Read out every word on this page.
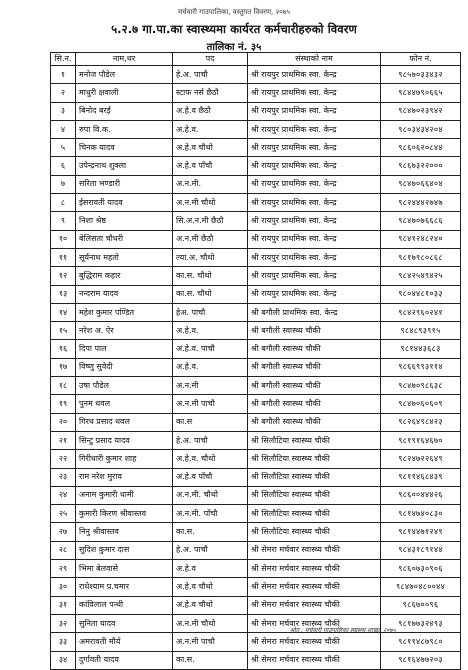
मर्चवारी गाउपालिका, वस्तुगत विवरण, २०७५
५.२.७ गा.पा.का स्वास्थ्यमा कार्यरत कर्मचारीहरुको विवरण
तालिका नं. ३५
सि.न.	नाम,थर	पद	संस्थाको नाम	फोन नं.
१	मनोज पौडेल	हे.अ. पाचौ	श्री रायपुर प्राथमिक स्वा. केन्द्र	९८५७०३३४३२
२	माधुरी क्षवाली	स्टाफ नर्स छैठौ	श्री रायपुर प्राथमिक स्वा. केन्द्र	९८४४७९०६६५
३	बिनोद बरई	अ.हे.व छैठौ	श्री रायपुर प्राथमिक स्वा. केन्द्र	९८४७०२३९४२
४	रुपा वि.क.	अ.हे.व.	श्री रायपुर प्राथमिक स्वा. केन्द्र	९८०३४३४२०४
५	चिनक यादव	अ.हे.व चौथो	श्री रायपुर प्राथमिक स्वा. केन्द्र	९८६०६२०८४४
६	उपेन्द्रनाथ शुक्ला	अ.हे.व पाँचौ	श्री रायपुर प्राथमिक स्वा. केन्द्र	९८६७३२२०००
७	सरिता भण्डारी	अ.न.मी.	श्री रायपुर प्राथमिक स्वा. केन्द्र	९८४७०६६४०४
८	ईसरावती यादव	अ.न.मी चौथो	श्री रायपुर प्राथमिक स्वा. केन्द्र	९८२४४४२७४७
९	निशा श्रेष्ठ	सि.अ.न.मी छैठौ	श्री रायपुर प्राथमिक स्वा. केन्द्र	९८४७०७६६८६
१०	बेलिसता चौधरी	अ.न.मी छैठौ	श्री रायपुर प्राथमिक स्वा. केन्द्र	९८४१२४८२४०
११	सूर्यनाथ महतो	ल्या.अ. चौथो	श्री रायपुर प्राथमिक स्वा. केन्द्र	९८१७९८०८६८
१२	बुद्धिराम कहार	का.स. चौथो	श्री रायपुर प्राथमिक स्वा. केन्द्र	९८४२५४९४२५
१३	नन्दराम यादव	का.स. चौथो	श्री रायपुर प्राथमिक स्वा. केन्द्र	९८०४४८१०३३
१४	महेश कुमार पण्डित	हेअ. पाचौ	श्री बगौली प्राथमिक स्वा. केन्द्र	९८४२९६०२४१
१५	नरेश अ. ऐर	अ.हे.व.	श्री बगौली स्वास्थ्य चौकी	९८४८९३९१५
१६	दिपा पाल	अ.हे.व. पाचौ	श्री बगौली स्वास्थ्य चौकी	९८१४४३६८३
१७	विष्णु सुवेदी	अ.हे.व.	श्री बगौली स्वास्थ्य चौकी	९८६६९९३११४
१८	उषा पौडेल	अ.न.मी	श्री बगौली स्वास्थ्य चौकी	९८४७०९८६३८
१९	पुनम धवल	अ.न.मी पाचौ	श्री बगौली स्वास्थ्य चौकी	९८४७०६०६०९
२०	गिरध प्रसाद धवल	का.स	श्री बगौली स्वास्थ्य चौकी	९८२६४९८४२३
२१	सिन्टु प्रसाद यादव	हे.अ. पाचौ	श्री सिलौटिया स्वास्थ्य चौकी	९८१९१६४६७०
२२	गिरीधारी कुमार शाह	अ.हे.व. चौथो	श्री सिलौटिया स्वास्थ्य चौकी	९८२४७२२६४९
२३	राम नरेश मुराव	अ.हे.व पाँचौ	श्री सिलौटिया स्वास्थ्य चौकी	९८११४६८४३९
२४	अनाम कुमारी धामी	अ.न.मी. चौथो	श्री सिलौटिया स्वास्थ्य चौकी	९८६००४४४२६
२५	कुमारी किरण श्रीवास्तव	अ.न.मी. पाँचौ	श्री सिलौटिया स्वास्थ्य चौकी	९८१४७४०८३०
२७	निनु श्रीवास्तव	का.स.	श्री सिलौटिया स्वास्थ्य चौकी	९८१४४७१२४९
२८	सुदिश कुमार दास	हे.अ. पाचौ	श्री सेमरा मर्चवार स्वास्थ्य चौकी	९८४३१८९१४४
२९	भिमा बेलवासे	अ.हे.व	श्री सेमरा मर्चवार स्वास्थ्य चौकी	९८६०७३०९०६
३०	राधेश्याम प्र.चमार	अ.हे.व चौथो	श्री सेमरा मर्चवार स्वास्थ्य चौकी	९८४७०४८००४४
३१	कांविलाल पन्थी	अ.हे.व चौथो	श्री सेमरा मर्चवार स्वास्थ्य चौकी	९८६७००९६
३२	सुनिता यादव	अ.न.मी चौथो	श्री सेमरा मर्चवार स्वास्थ्य चौकी	९८१७७३२४९३
३३	अमरावती मौर्य	अ.न.मी पाचौ	श्री सेमरा मर्चवार स्वास्थ्य चौकी	९८११४८७९८०
३४	दुर्गावती यादव	का.स.	श्री सेमरा मर्चवार स्वास्थ्य चौकी	९८१६४७७२०३
श्रोत : मर्चवारी गाउपालिका स्वास्थ्य शाखा, २०७५
